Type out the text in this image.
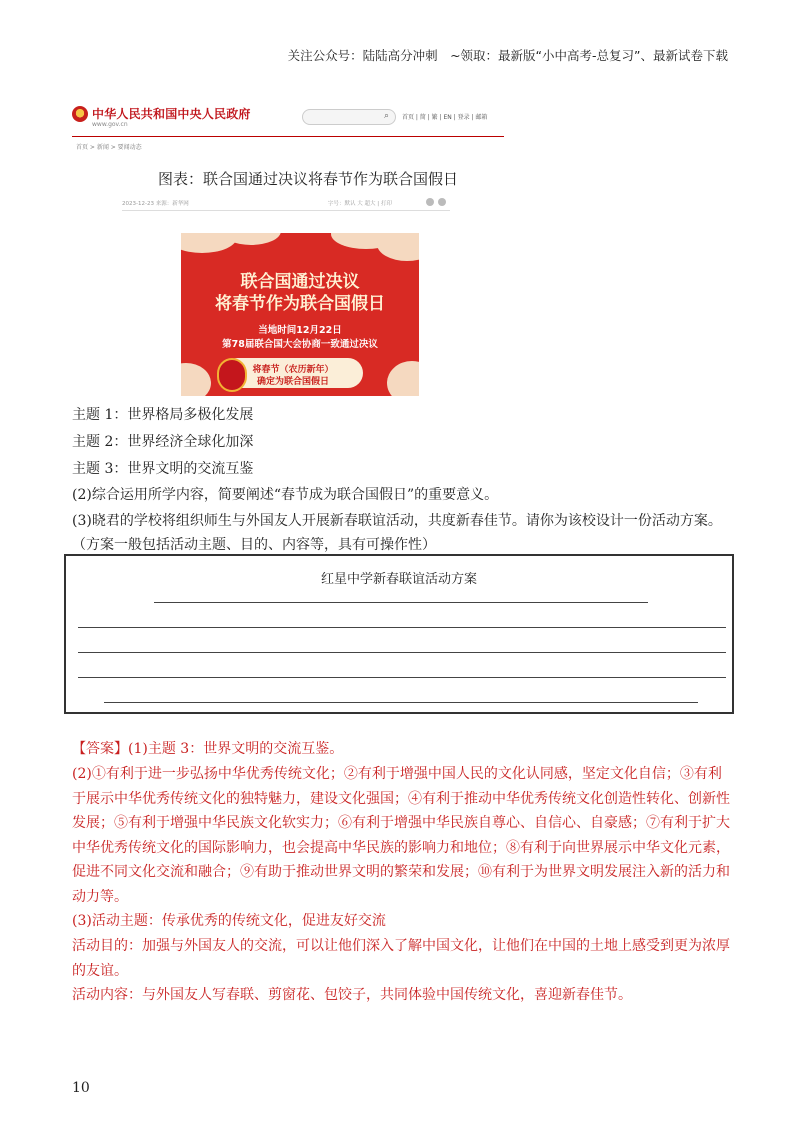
关注公众号：陆陆高分冲刺　~领取：最新版“小中高考-总复习”、最新试卷下载
中华人民共和国中央人民政府
www.gov.cn
⌕ 首页 | 简 | 繁 | EN | 登录 | 邮箱
首页 > 新闻 > 要闻动态
图表：联合国通过决议将春节作为联合国假日
2023-12-23 来源：新华网	字号：默认 大 超大 | 打印
联合国通过决议
将春节作为联合国假日
当地时间12月22日
第78届联合国大会协商一致通过决议
将春节（农历新年）
确定为联合国假日
主题 1：世界格局多极化发展
主题 2：世界经济全球化加深
主题 3：世界文明的交流互鉴
(2)综合运用所学内容，简要阐述“春节成为联合国假日”的重要意义。
(3)晓君的学校将组织师生与外国友人开展新春联谊活动，共度新春佳节。请你为该校设计一份活动方案。
（方案一般包括活动主题、目的、内容等，具有可操作性）
红星中学新春联谊活动方案
【答案】(1)主题 3：世界文明的交流互鉴。
(2)①有利于进一步弘扬中华优秀传统文化；②有利于增强中国人民的文化认同感，坚定文化自信；③有利于展示中华优秀传统文化的独特魅力，建设文化强国；④有利于推动中华优秀传统文化创造性转化、创新性发展；⑤有利于增强中华民族文化软实力；⑥有利于增强中华民族自尊心、自信心、自豪感；⑦有利于扩大中华优秀传统文化的国际影响力，也会提高中华民族的影响力和地位；⑧有利于向世界展示中华文化元素，促进不同文化交流和融合；⑨有助于推动世界文明的繁荣和发展；⑩有利于为世界文明发展注入新的活力和动力等。
(3)活动主题：传承优秀的传统文化，促进友好交流
活动目的：加强与外国友人的交流，可以让他们深入了解中国文化，让他们在中国的土地上感受到更为浓厚的友谊。
活动内容：与外国友人写春联、剪窗花、包饺子，共同体验中国传统文化，喜迎新春佳节。
10
